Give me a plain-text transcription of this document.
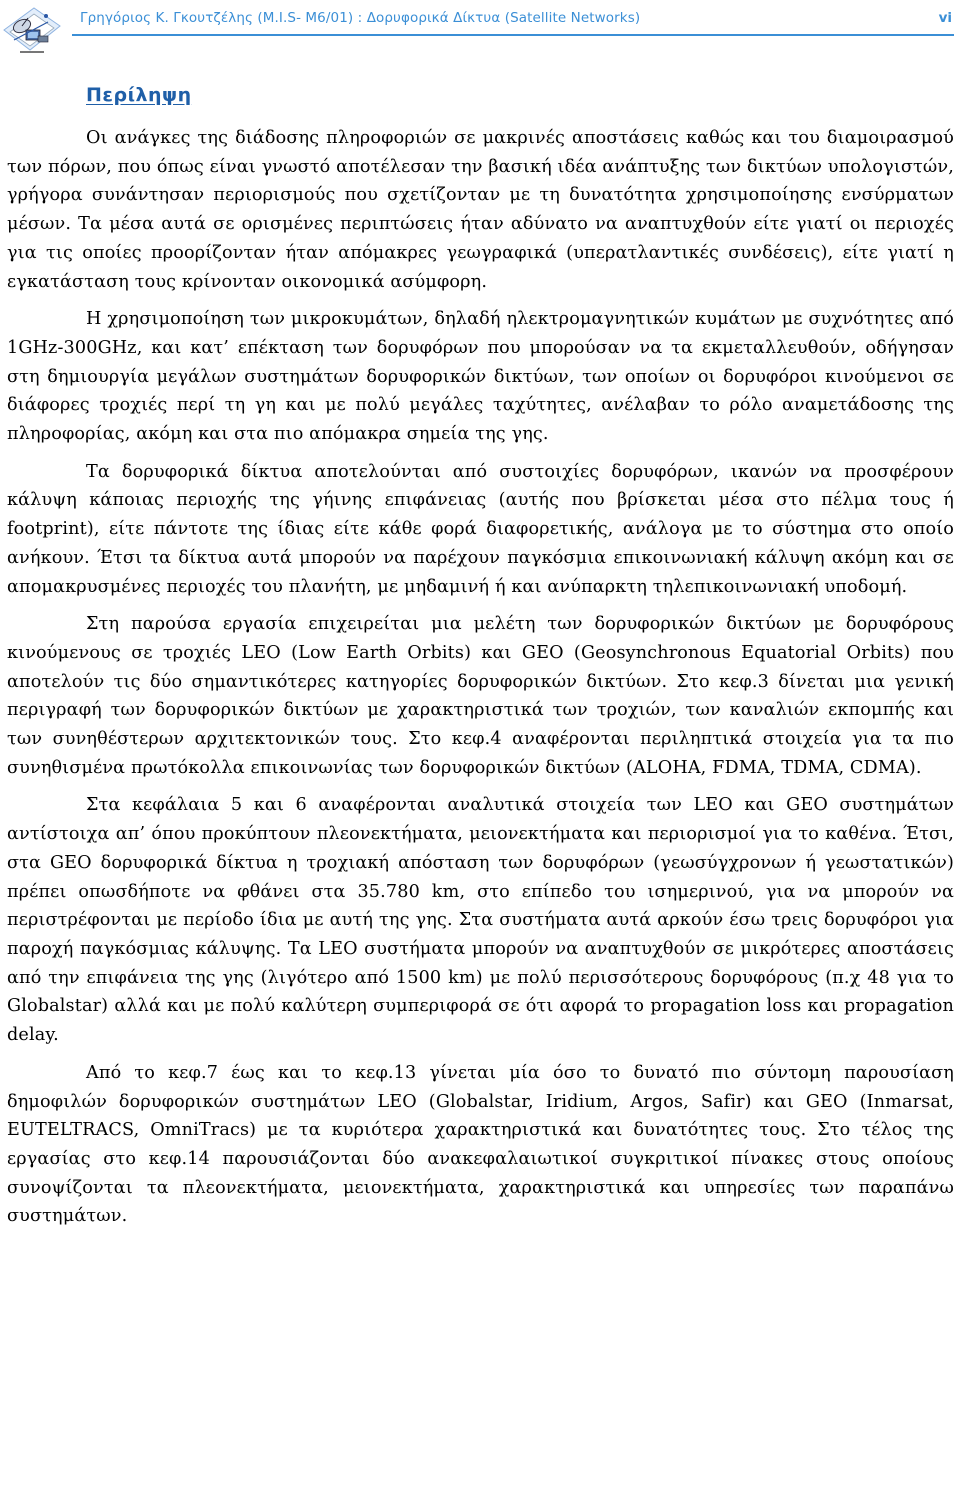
Γρηγόριος Κ. Γκουτζέλης (Μ.Ι.S- Μ6/01) : Δορυφορικά Δίκτυα (Satellite Networks)	vi
Περίληψη

Οι ανάγκες της διάδοσης πληροφοριών σε μακρινές αποστάσεις καθώς και του διαμοιρασμού των πόρων, που όπως είναι γνωστό αποτέλεσαν την βασική ιδέα ανάπτυξης των δικτύων υπολογιστών, γρήγορα συνάντησαν περιορισμούς που σχετίζονταν με τη δυνατότητα χρησιμοποίησης ενσύρματων μέσων. Τα μέσα αυτά σε ορισμένες περιπτώσεις ήταν αδύνατο να αναπτυχθούν είτε γιατί οι περιοχές για τις οποίες προορίζονταν ήταν απόμακρες γεωγραφικά (υπερατλαντικές συνδέσεις), είτε γιατί η εγκατάσταση τους κρίνονταν οικονομικά ασύμφορη.

Η χρησιμοποίηση των μικροκυμάτων, δηλαδή ηλεκτρομαγνητικών κυμάτων με συχνότητες από 1GHz-300GHz, και κατ’ επέκταση των δορυφόρων που μπορούσαν να τα εκμεταλλευθούν, οδήγησαν στη δημιουργία μεγάλων συστημάτων δορυφορικών δικτύων, των οποίων οι δορυφόροι κινούμενοι σε διάφορες τροχιές περί τη γη και με πολύ μεγάλες ταχύτητες, ανέλαβαν το ρόλο αναμετάδοσης της πληροφορίας, ακόμη και στα πιο απόμακρα σημεία της γης.

Τα δορυφορικά δίκτυα αποτελούνται από συστοιχίες δορυφόρων, ικανών να προσφέρουν κάλυψη κάποιας περιοχής της γήινης επιφάνειας (αυτής που βρίσκεται μέσα στο πέλμα τους ή footprint), είτε πάντοτε της ίδιας είτε κάθε φορά διαφορετικής, ανάλογα με το σύστημα στο οποίο ανήκουν. Έτσι τα δίκτυα αυτά μπορούν να παρέχουν παγκόσμια επικοινωνιακή κάλυψη ακόμη και σε απομακρυσμένες περιοχές του πλανήτη, με μηδαμινή ή και ανύπαρκτη τηλεπικοινωνιακή υποδομή.

Στη παρούσα εργασία επιχειρείται μια μελέτη των δορυφορικών δικτύων με δορυφόρους κινούμενους σε τροχιές LEO (Low Earth Orbits) και GEO (Geosynchronous Equatorial Orbits) που αποτελούν τις δύο σημαντικότερες κατηγορίες δορυφορικών δικτύων. Στο κεφ.3 δίνεται μια γενική περιγραφή των δορυφορικών δικτύων με χαρακτηριστικά των τροχιών, των καναλιών εκπομπής και των συνηθέστερων αρχιτεκτονικών τους. Στο κεφ.4 αναφέρονται περιληπτικά στοιχεία για τα πιο συνηθισμένα πρωτόκολλα επικοινωνίας των δορυφορικών δικτύων (ALOHA, FDMA, TDMA, CDMA).

Στα κεφάλαια 5 και 6 αναφέρονται αναλυτικά στοιχεία των LEO και GEO συστημάτων αντίστοιχα απ’ όπου προκύπτουν πλεονεκτήματα, μειονεκτήματα και περιορισμοί για το καθένα. Έτσι, στα GEO δορυφορικά δίκτυα η τροχιακή απόσταση των δορυφόρων (γεωσύγχρονων ή γεωστατικών) πρέπει οπωσδήποτε να φθάνει στα 35.780 km, στο επίπεδο του ισημερινού, για να μπορούν να περιστρέφονται με περίοδο ίδια με αυτή της γης. Στα συστήματα αυτά αρκούν έσω τρεις δορυφόροι για παροχή παγκόσμιας κάλυψης. Τα LEO συστήματα μπορούν να αναπτυχθούν σε μικρότερες αποστάσεις από την επιφάνεια της γης (λιγότερο από 1500 km) με πολύ περισσότερους δορυφόρους (π.χ 48 για το Globalstar) αλλά και με πολύ καλύτερη συμπεριφορά σε ότι αφορά το propagation loss και propagation delay.

Από το κεφ.7 έως και το κεφ.13 γίνεται μία όσο το δυνατό πιο σύντομη παρουσίαση δημοφιλών δορυφορικών συστημάτων LEO (Globalstar, Iridium, Argos, Safir) και GEO (Inmarsat, EUTELTRACS, OmniTracs) με τα κυριότερα χαρακτηριστικά και δυνατότητες τους. Στο τέλος της εργασίας στο κεφ.14 παρουσιάζονται δύο ανακεφαλαιωτικοί συγκριτικοί πίνακες στους οποίους συνοψίζονται τα πλεονεκτήματα, μειονεκτήματα, χαρακτηριστικά και υπηρεσίες των παραπάνω συστημάτων.
